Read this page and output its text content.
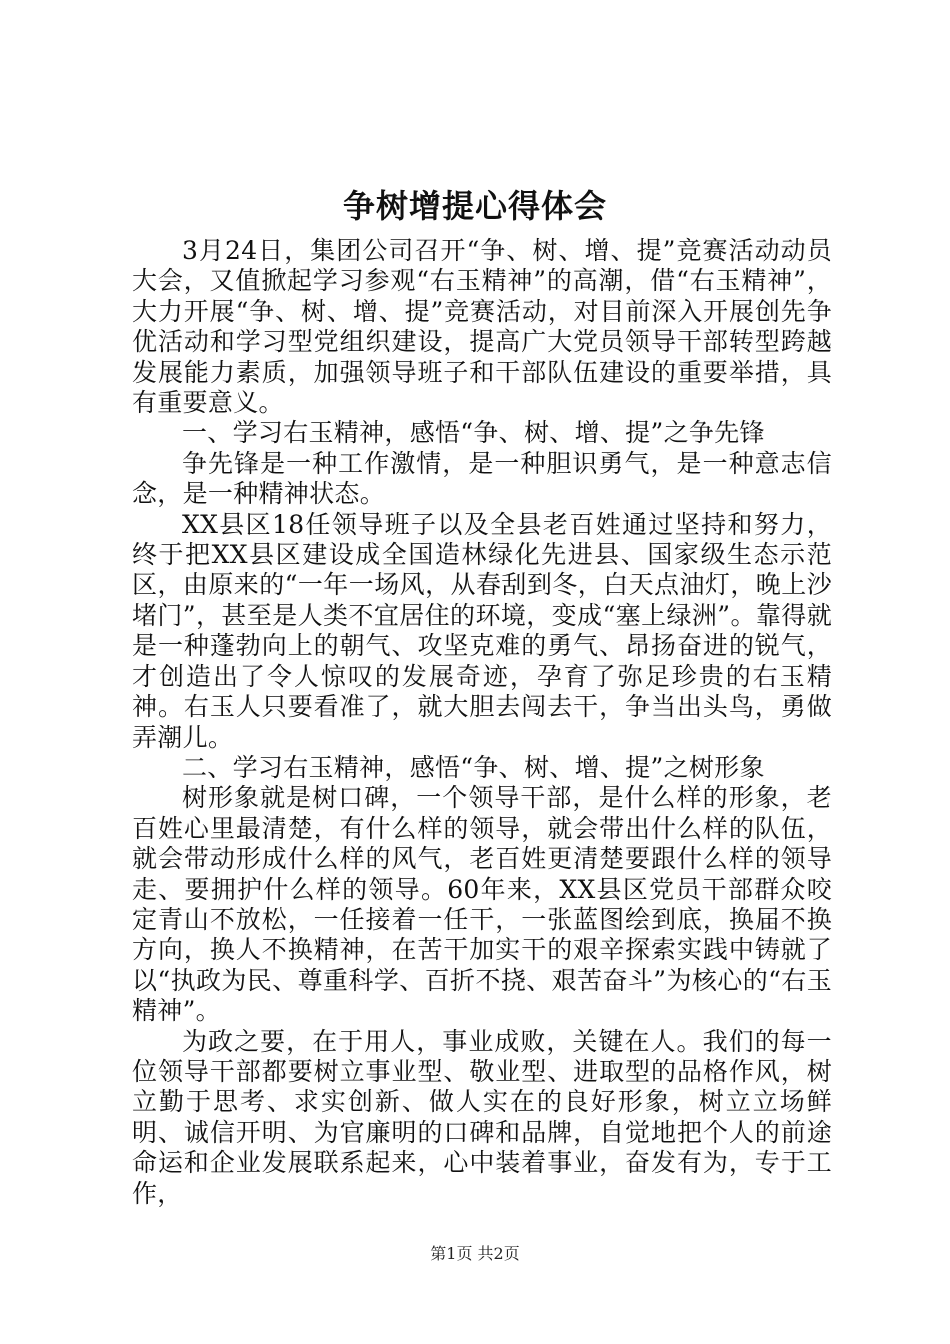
争树增提心得体会

3月24日，集团公司召开“争、树、增、提”竞赛活动动员大会，又值掀起学习参观“右玉精神”的高潮，借“右玉精神”，大力开展“争、树、增、提”竞赛活动，对目前深入开展创先争优活动和学习型党组织建设，提高广大党员领导干部转型跨越发展能力素质，加强领导班子和干部队伍建设的重要举措，具有重要意义。

一、学习右玉精神，感悟“争、树、增、提”之争先锋

争先锋是一种工作激情，是一种胆识勇气，是一种意志信念，是一种精神状态。

XX县区18任领导班子以及全县老百姓通过坚持和努力，终于把XX县区建设成全国造林绿化先进县、国家级生态示范区，由原来的“一年一场风，从春刮到冬，白天点油灯，晚上沙堵门”，甚至是人类不宜居住的环境，变成“塞上绿洲”。靠得就是一种蓬勃向上的朝气、攻坚克难的勇气、昂扬奋进的锐气，才创造出了令人惊叹的发展奇迹，孕育了弥足珍贵的右玉精神。右玉人只要看准了，就大胆去闯去干，争当出头鸟，勇做弄潮儿。

二、学习右玉精神，感悟“争、树、增、提”之树形象

树形象就是树口碑，一个领导干部，是什么样的形象，老百姓心里最清楚，有什么样的领导，就会带出什么样的队伍，就会带动形成什么样的风气，老百姓更清楚要跟什么样的领导走、要拥护什么样的领导。60年来，XX县区党员干部群众咬定青山不放松，一任接着一任干，一张蓝图绘到底，换届不换方向，换人不换精神，在苦干加实干的艰辛探索实践中铸就了以“执政为民、尊重科学、百折不挠、艰苦奋斗”为核心的“右玉精神”。

为政之要，在于用人，事业成败，关键在人。我们的每一位领导干部都要树立事业型、敬业型、进取型的品格作风，树立勤于思考、求实创新、做人实在的良好形象，树立立场鲜明、诚信开明、为官廉明的口碑和品牌，自觉地把个人的前途命运和企业发展联系起来，心中装着事业，奋发有为，专于工作，

第1页 共2页
